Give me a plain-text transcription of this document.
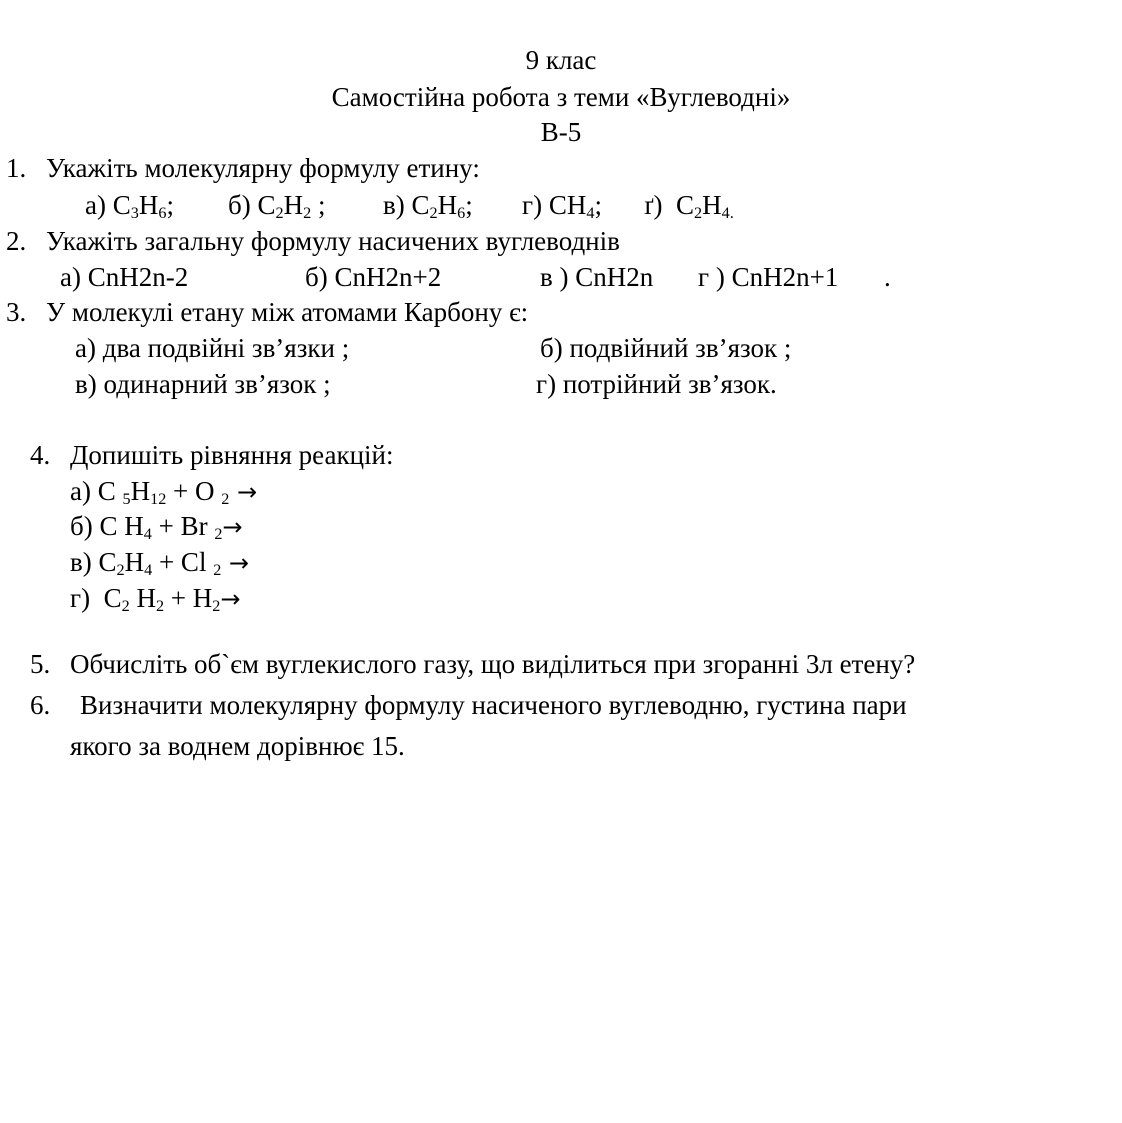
9 клас
Самостійна робота з теми «Вуглеводні»
В-5
1. Укажіть молекулярну формулу етину:
а) $C_3H_6$; б) $C_2H_2$ ; в) $C_2H_6$; г) $CH_4$; ґ) $C_2H_{4.}$
2. Укажіть загальну формулу насичених вуглеводнів
а) CnH2n-2	б) CnH2n+2	в ) CnH2n г ) CnH2n+1 .
3. У молекулі етану між атомами Карбону є:
а) два подвійні зв’язки ;	б) подвійний зв’язок ;
в) одинарний зв’язок ;	г) потрійний зв’язок.
4. Допишіть рівняння реакцій:
а) C $_5H_{12} + O$ $_2$ →
б) C $H_4 + Br$ $_2$→
в) $C_2H_4 + Cl$ $_2$ →
г) $C_2$ $H_2 + H_2\to$
5. Обчисліть об`єм вуглекислого газу, що виділиться при згоранні 3л етену?
6. Визначити молекулярну формулу насиченого вуглеводню, густина пари
якого за воднем дорівнює 15.
